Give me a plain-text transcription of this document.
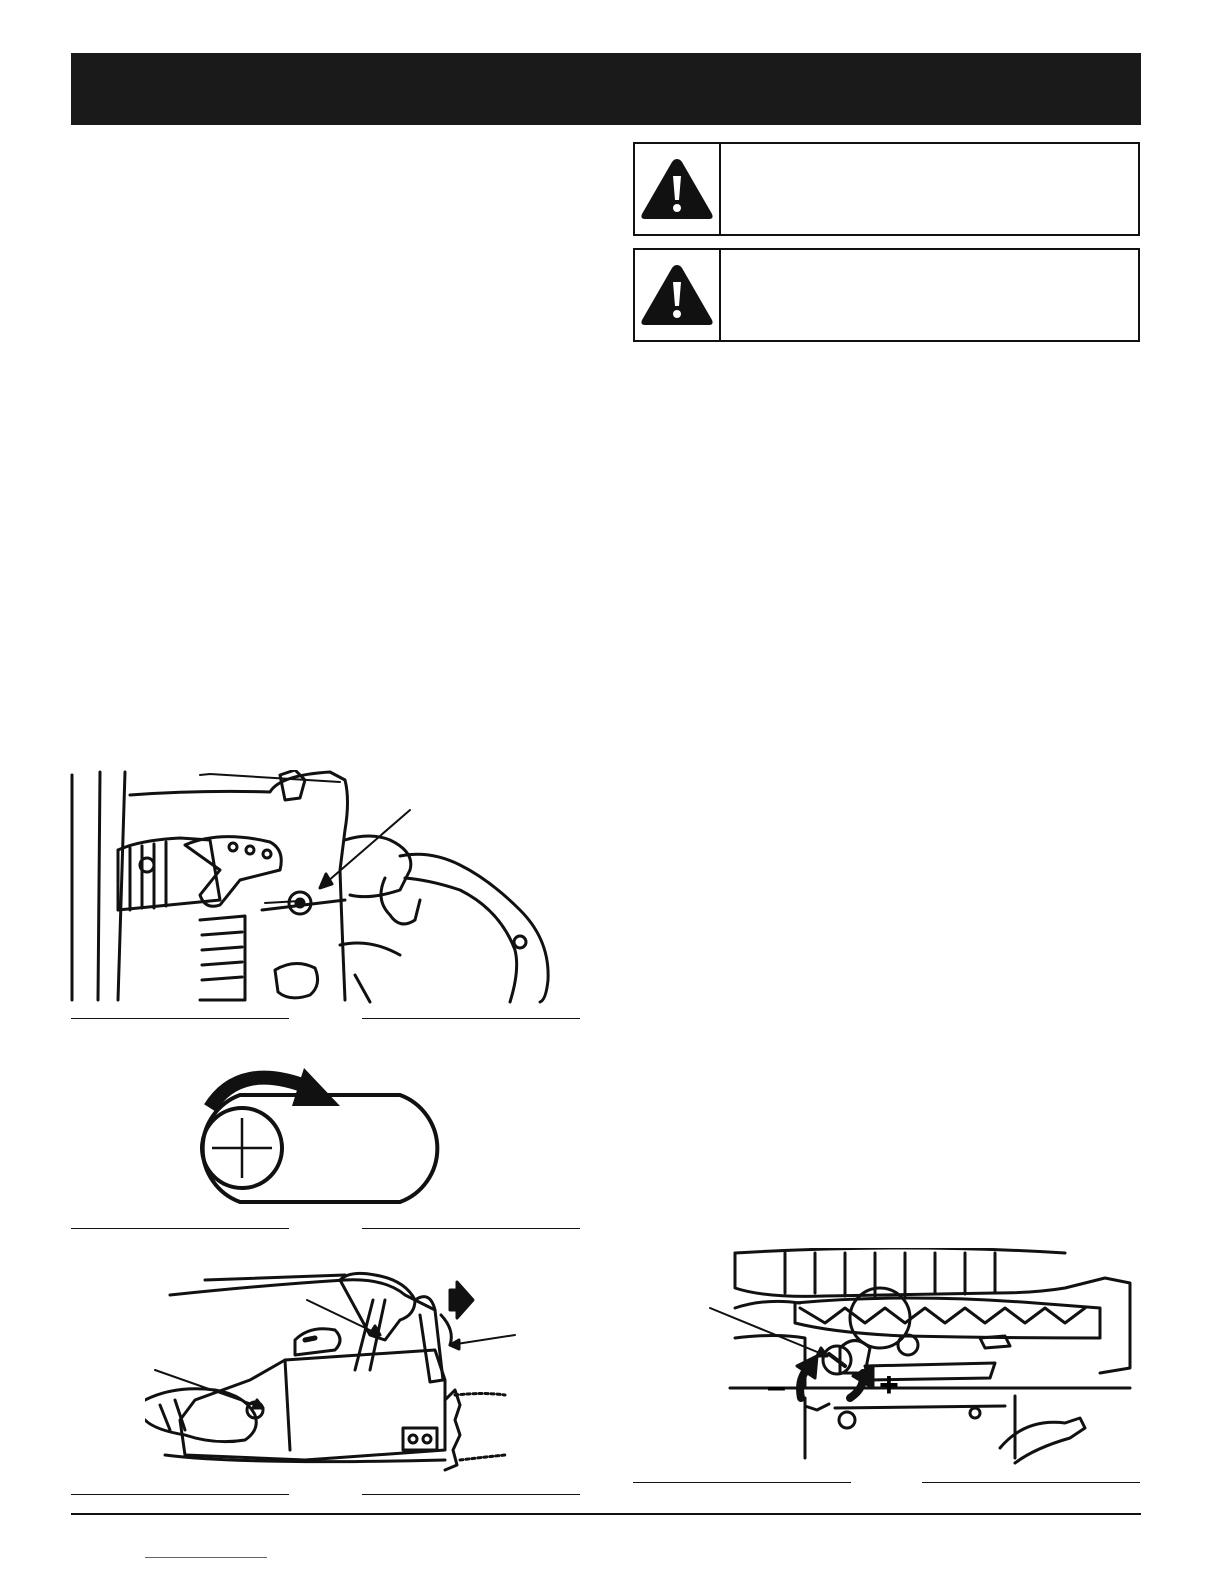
–	+
